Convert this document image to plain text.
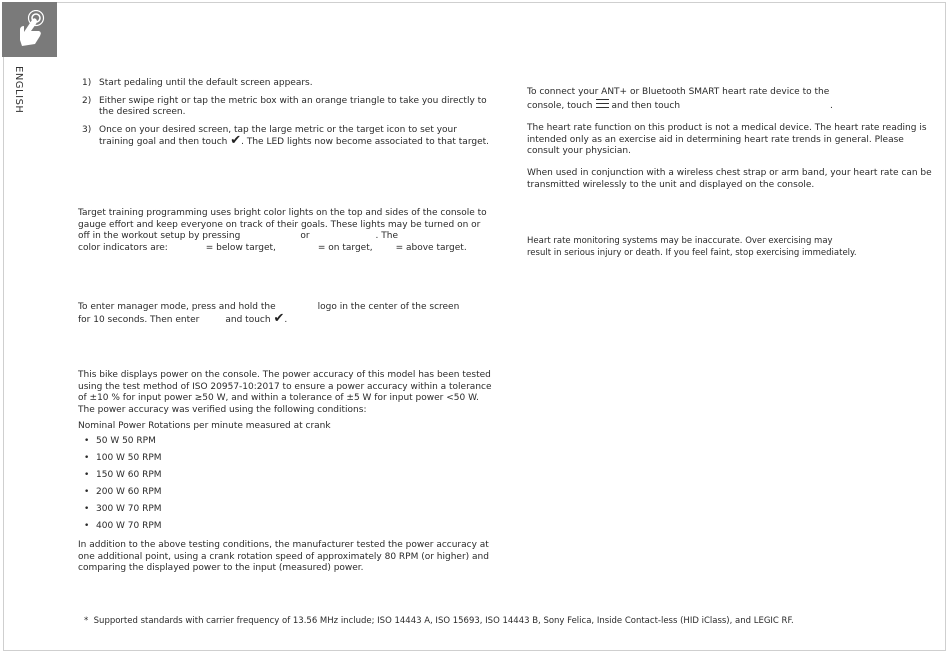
ENGLISH	1) Start pedaling until the default screen appears.
2) Either swipe right or tap the metric box with an orange triangle to take you directly to the desired screen.
3) Once on your desired screen, tap the large metric or the target icon to set your training goal and then touch ✔. The LED lights now become associated to that target.
Target training programming uses bright color lights on the top and sides of the console to gauge effort and keep everyone on track of their goals. These lights may be turned on or off in the workout setup by pressing	or	. The
color indicators are:	= below target,	= on target,	= above target.
To enter manager mode, press and hold the	logo in the center of the screen
for 10 seconds. Then enter	and touch ✔.
This bike displays power on the console. The power accuracy of this model has been tested using the test method of ISO 20957-10:2017 to ensure a power accuracy within a tolerance of ±10 % for input power ≥50 W, and within a tolerance of ±5 W for input power <50 W. The power accuracy was verified using the following conditions:
Nominal Power Rotations per minute measured at crank
• 50 W 50 RPM
• 100 W 50 RPM
• 150 W 60 RPM
• 200 W 60 RPM
• 300 W 70 RPM
• 400 W 70 RPM
In addition to the above testing conditions, the manufacturer tested the power accuracy at one additional point, using a crank rotation speed of approximately 80 RPM (or higher) and comparing the displayed power to the input (measured) power.
To connect your ANT+ or Bluetooth SMART heart rate device to the
console, touch and then touch	.
The heart rate function on this product is not a medical device. The heart rate reading is intended only as an exercise aid in determining heart rate trends in general. Please consult your physician.
When used in conjunction with a wireless chest strap or arm band, your heart rate can be transmitted wirelessly to the unit and displayed on the console.
Heart rate monitoring systems may be inaccurate. Over exercising may result in serious injury or death. If you feel faint, stop exercising immediately.
* Supported standards with carrier frequency of 13.56 MHz include; ISO 14443 A, ISO 15693, ISO 14443 B, Sony Felica, Inside Contact-less (HID iClass), and LEGIC RF.
